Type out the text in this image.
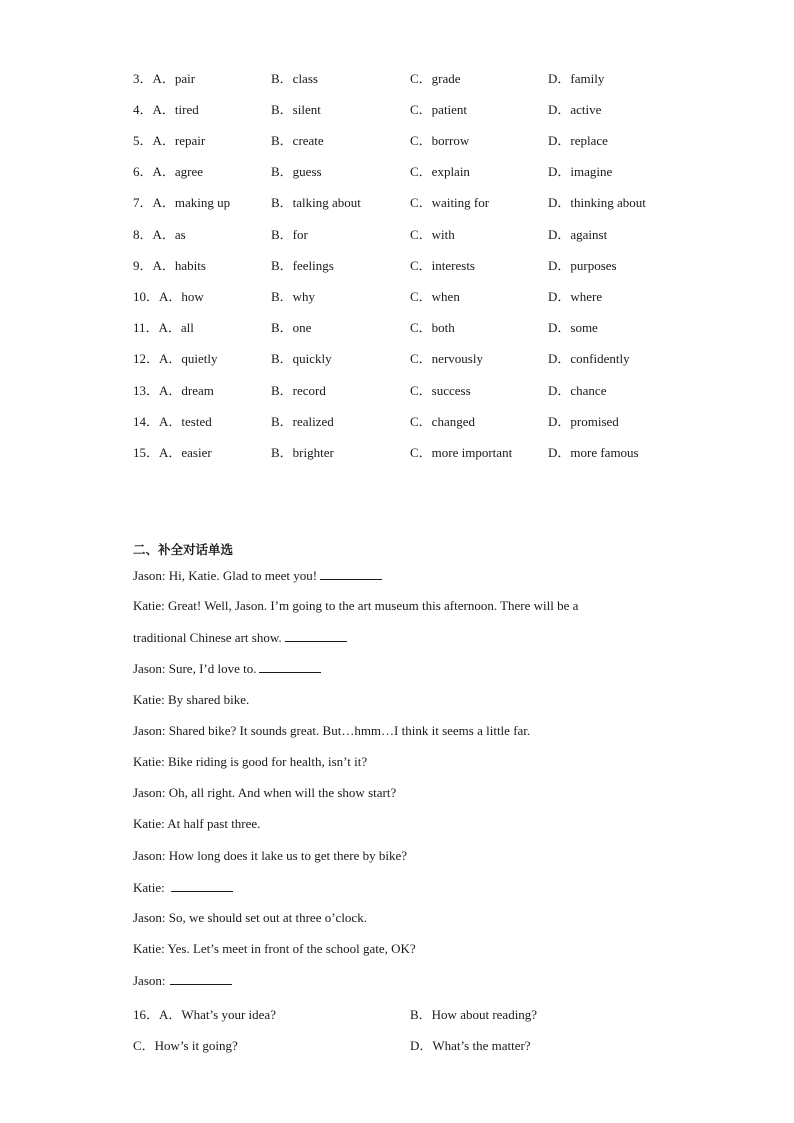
3．A．pair	B．class	C．grade	D．family
4．A．tired	B．silent	C．patient	D．active
5．A．repair	B．create	C．borrow	D．replace
6．A．agree	B．guess	C．explain	D．imagine
7．A．making up	B．talking about	C．waiting for	D．thinking about
8．A．as	B．for	C．with	D．against
9．A．habits	B．feelings	C．interests	D．purposes
10．A．how	B．why	C．when	D．where
11．A．all	B．one	C．both	D．some
12．A．quietly	B．quickly	C．nervously	D．confidently
13．A．dream	B．record	C．success	D．chance
14．A．tested	B．realized	C．changed	D．promised
15．A．easier	B．brighter	C．more important	D．more famous
二、补全对话单选
Jason: Hi, Katie. Glad to meet you!
Katie: Great! Well, Jason. I’m going to the art museum this afternoon. There will be a
traditional Chinese art show.
Jason: Sure, I’d love to.
Katie: By shared bike.
Jason: Shared bike? It sounds great. But…hmm…I think it seems a little far.
Katie: Bike riding is good for health, isn’t it?
Jason: Oh, all right. And when will the show start?
Katie: At half past three.
Jason: How long does it lake us to get there by bike?
Katie:
Jason: So, we should set out at three o’clock.
Katie: Yes. Let’s meet in front of the school gate, OK?
Jason:
16．A．What’s your idea?	B．How about reading?
C．How’s it going?	D．What’s the matter?
